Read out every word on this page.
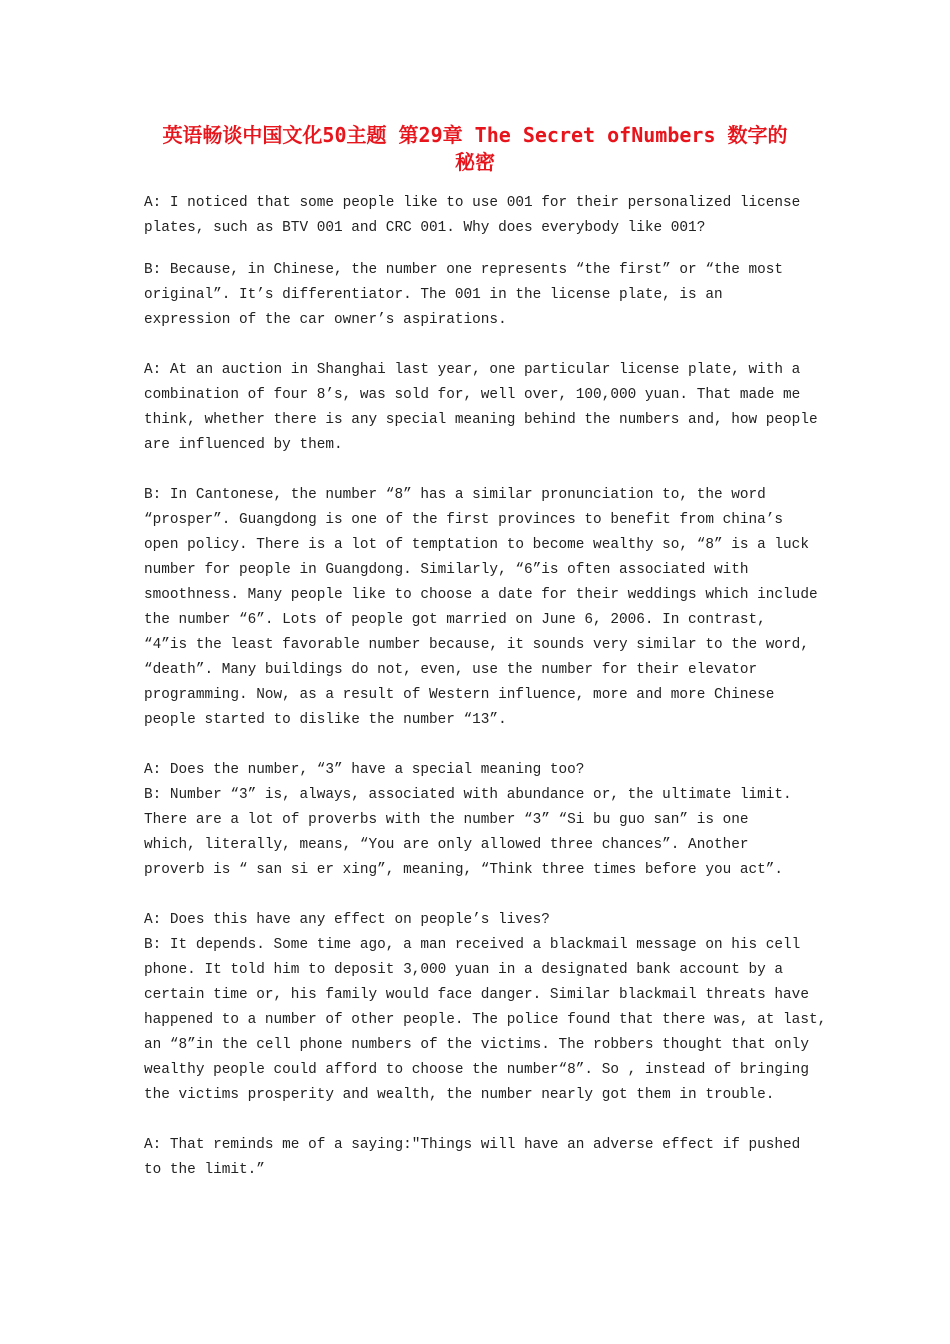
英语畅谈中国文化50主题 第29章 The Secret ofNumbers 数字的
秘密

A: I noticed that some people like to use 001 for their personalized license
plates, such as BTV 001 and CRC 001. Why does everybody like 001?

B: Because, in Chinese, the number one represents “the first” or “the most
original”. It’s differentiator. The 001 in the license plate, is an
expression of the car owner’s aspirations.

A: At an auction in Shanghai last year, one particular license plate, with a
combination of four 8’s, was sold for, well over, 100,000 yuan. That made me
think, whether there is any special meaning behind the numbers and, how people
are influenced by them.

B: In Cantonese, the number “8” has a similar pronunciation to, the word
“prosper”. Guangdong is one of the first provinces to benefit from china’s
open policy. There is a lot of temptation to become wealthy so, “8” is a luck
number for people in Guangdong. Similarly, “6”is often associated with
smoothness. Many people like to choose a date for their weddings which include
the number “6”. Lots of people got married on June 6, 2006. In contrast,
“4”is the least favorable number because, it sounds very similar to the word,
“death”. Many buildings do not, even, use the number for their elevator
programming. Now, as a result of Western influence, more and more Chinese
people started to dislike the number “13”.

A: Does the number, “3” have a special meaning too?
B: Number “3” is, always, associated with abundance or, the ultimate limit.
There are a lot of proverbs with the number “3” “Si bu guo san” is one
which, literally, means, “You are only allowed three chances”. Another
proverb is “ san si er xing”, meaning, “Think three times before you act”.

A: Does this have any effect on people’s lives?
B: It depends. Some time ago, a man received a blackmail message on his cell
phone. It told him to deposit 3,000 yuan in a designated bank account by a
certain time or, his family would face danger. Similar blackmail threats have
happened to a number of other people. The police found that there was, at last,
an “8”in the cell phone numbers of the victims. The robbers thought that only
wealthy people could afford to choose the number“8”. So , instead of bringing
the victims prosperity and wealth, the number nearly got them in trouble.

A: That reminds me of a saying:"Things will have an adverse effect if pushed
to the limit.”
